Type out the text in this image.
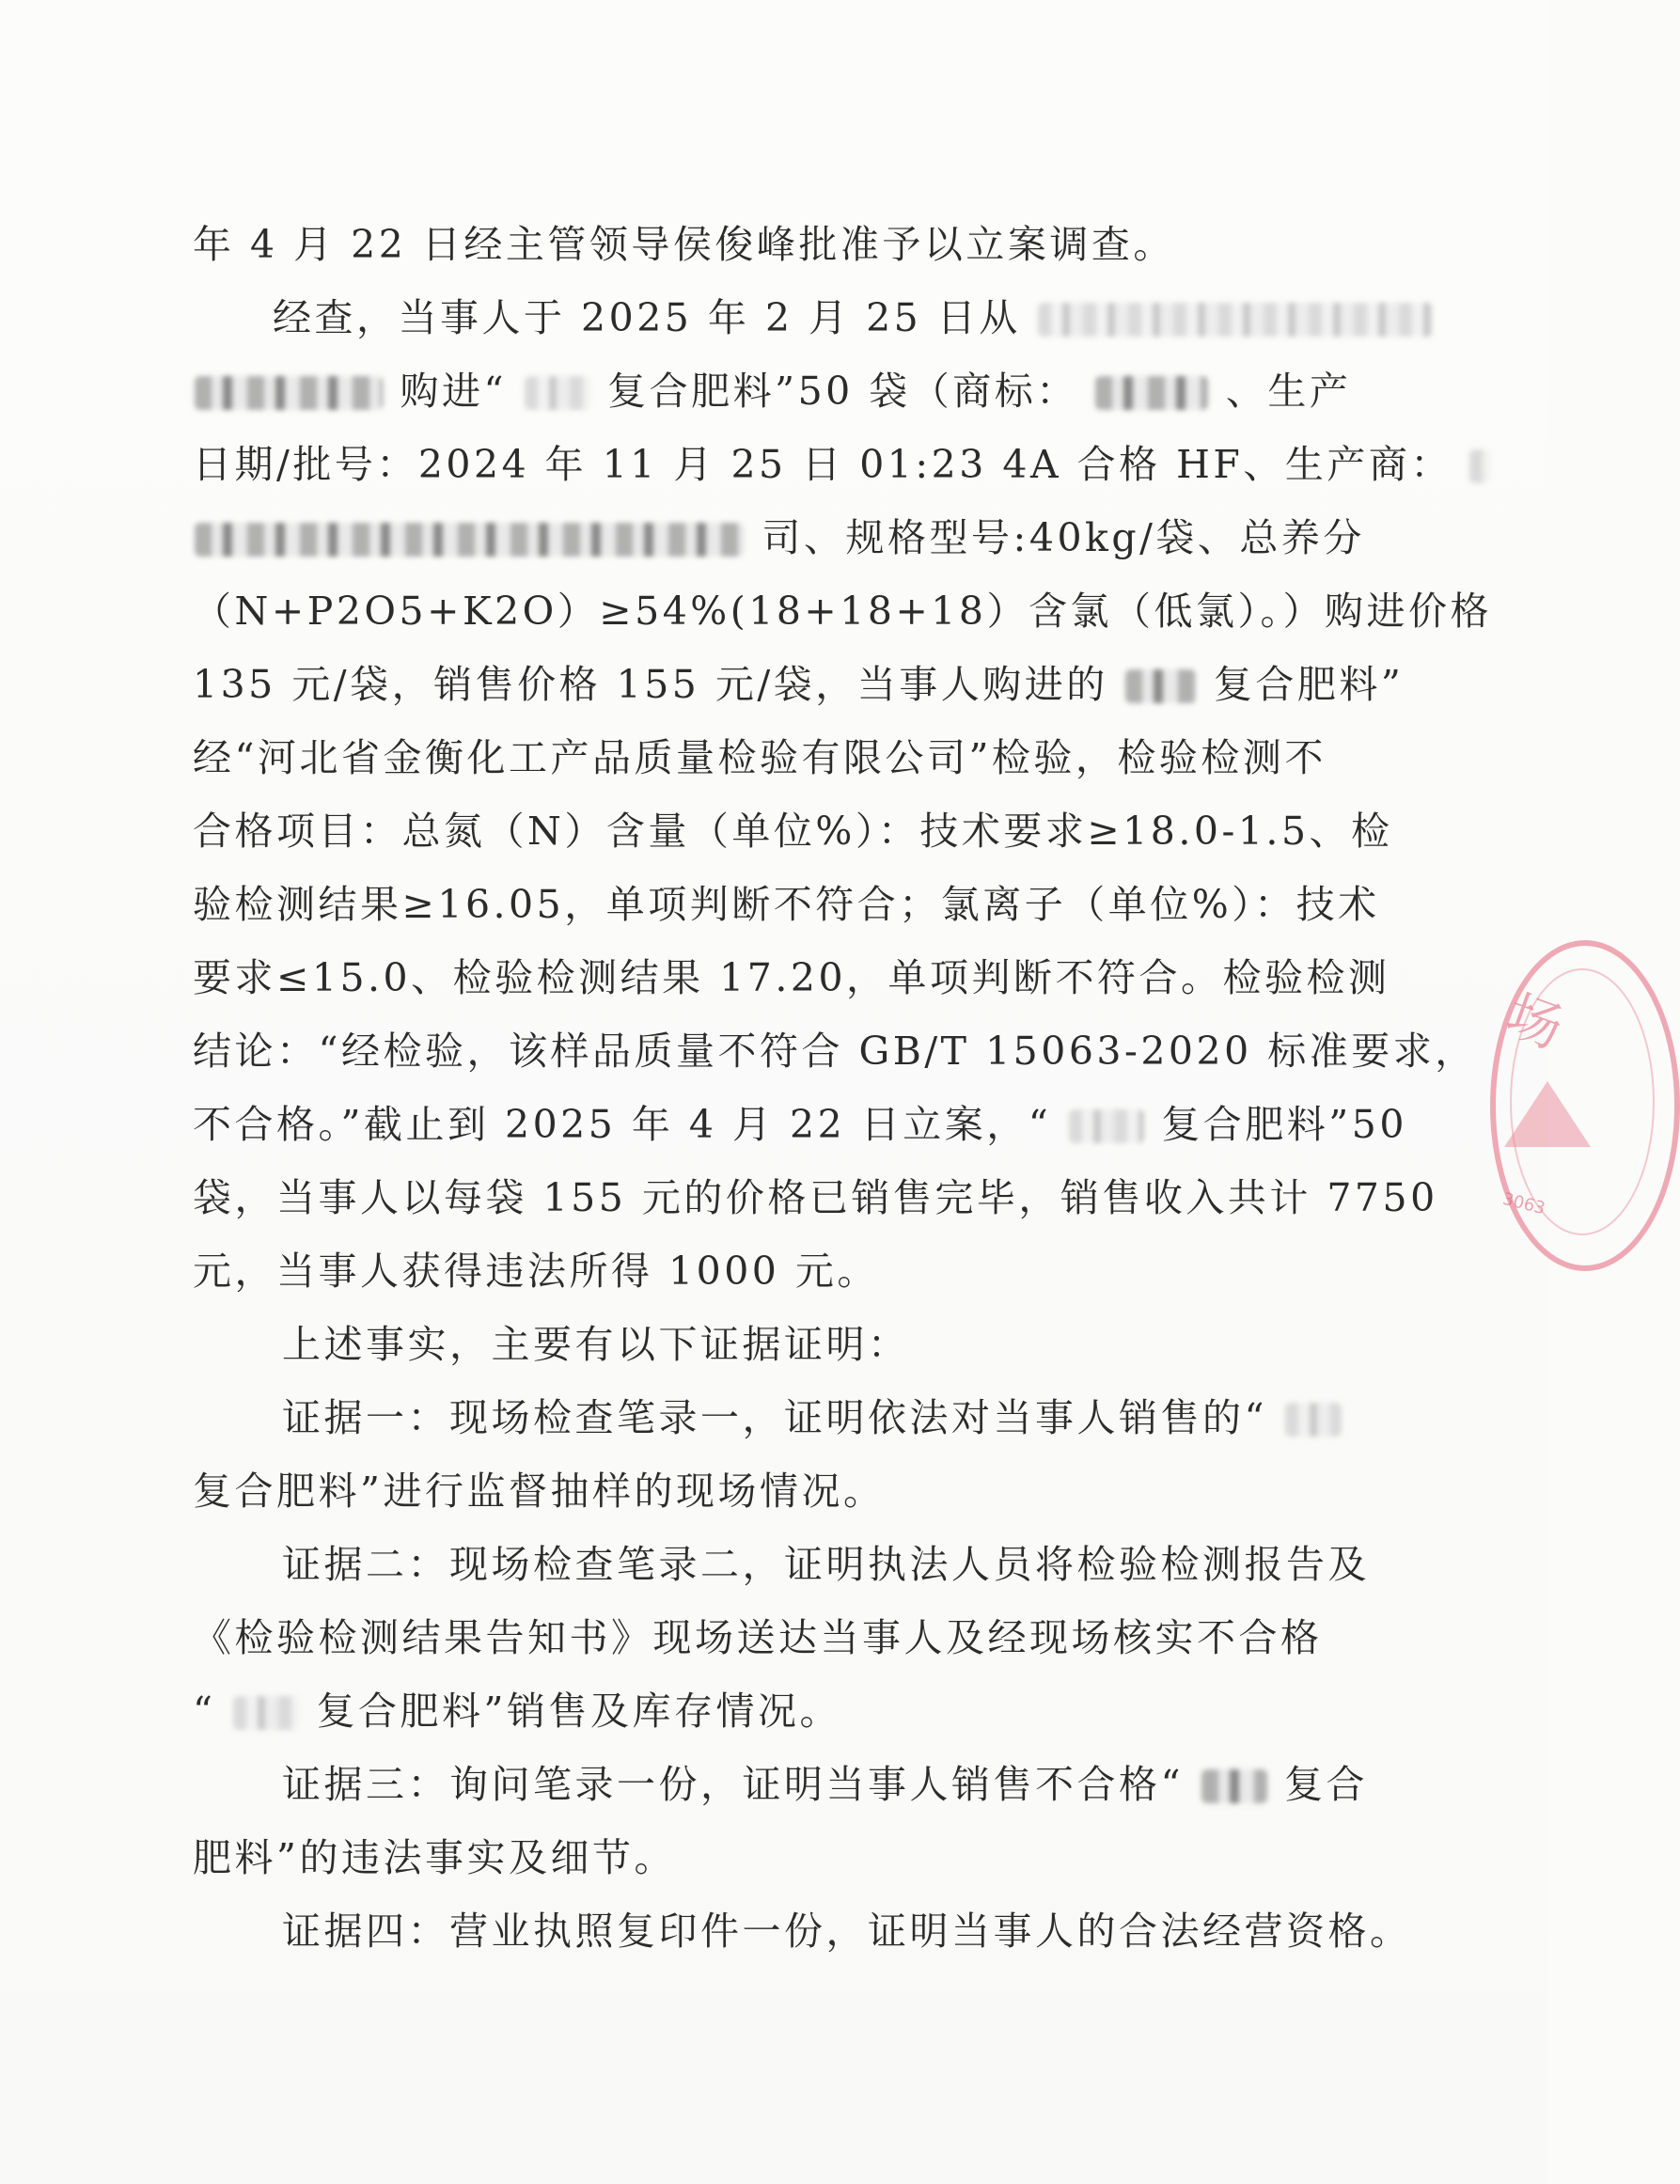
年 4 月 22 日经主管领导侯俊峰批准予以立案调查。
经查，当事人于 2025 年 2 月 25 日从
购进“	复合肥料”50 袋（商标：	、生产
日期/批号：2024 年 11 月 25 日 01:23 4A 合格 HF、生产商：
司、规格型号:40kg/袋、总养分
（N+P2O5+K2O）≥54%(18+18+18）含氯（低氯）。）购进价格
135 元/袋，销售价格 155 元/袋，当事人购进的	复合肥料”
经“河北省金衡化工产品质量检验有限公司”检验，检验检测不
合格项目：总氮（N）含量（单位%）：技术要求≥18.0-1.5、检
验检测结果≥16.05，单项判断不符合；氯离子（单位%）：技术
要求≤15.0、检验检测结果 17.20，单项判断不符合。检验检测
结论：“经检验，该样品质量不符合 GB/T 15063-2020 标准要求，
不合格。”截止到 2025 年 4 月 22 日立案，“	复合肥料”50
袋，当事人以每袋 155 元的价格已销售完毕，销售收入共计 7750
元，当事人获得违法所得 1000 元。
上述事实，主要有以下证据证明：
证据一：现场检查笔录一，证明依法对当事人销售的“
复合肥料”进行监督抽样的现场情况。
证据二：现场检查笔录二，证明执法人员将检验检测报告及
《检验检测结果告知书》现场送达当事人及经现场核实不合格
“	复合肥料”销售及库存情况。
证据三：询问笔录一份，证明当事人销售不合格“	复合
肥料”的违法事实及细节。
证据四：营业执照复印件一份，证明当事人的合法经营资格。
场
3063
